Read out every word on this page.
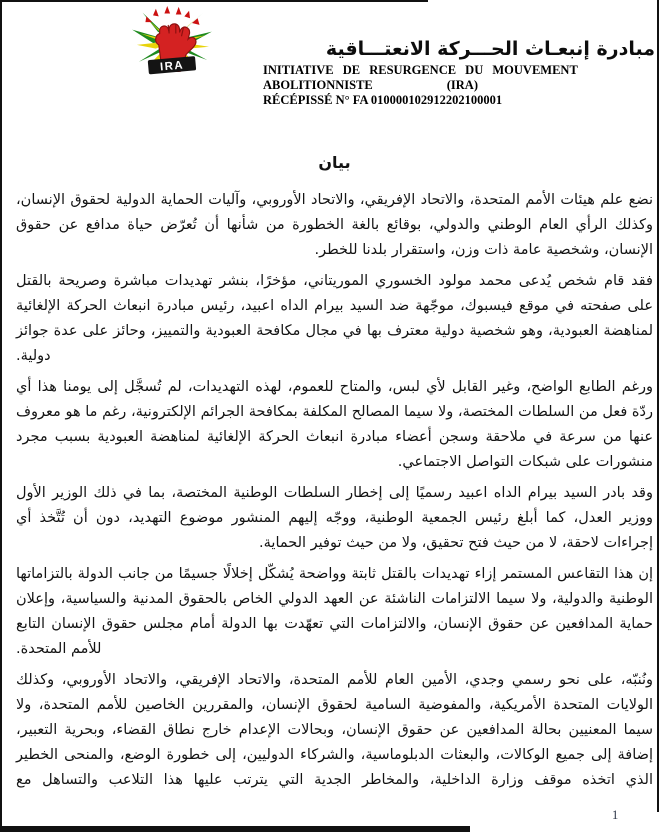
IRA
مبادرة إنبعـاث الحـــركة الانعتـــاقية
INITIATIVE DE RESURGENCE DU MOUVEMENT
ABOLITIONNISTE	(IRA)
RÉCÉPISSÉ N° FA 010000102912202100001
بيان

نضع علم هيئات الأمم المتحدة، والاتحاد الإفريقي، والاتحاد الأوروبي، وآليات الحماية الدولية لحقوق الإنسان، وكذلك الرأي العام الوطني والدولي، بوقائع بالغة الخطورة من شأنها أن تُعرّض حياة مدافع عن حقوق الإنسان، وشخصية عامة ذات وزن، واستقرار بلدنا للخطر.

فقد قام شخص يُدعى محمد مولود الخسوري الموريتاني، مؤخرًا، بنشر تهديدات مباشرة وصريحة بالقتل على صفحته في موقع فيسبوك، موجّهة ضد السيد بيرام الداه اعبيد، رئيس مبادرة انبعاث الحركة الإلغائية لمناهضة العبودية، وهو شخصية دولية معترف بها في مجال مكافحة العبودية والتمييز، وحائز على عدة جوائز دولية.

ورغم الطابع الواضح، وغير القابل لأي لبس، والمتاح للعموم، لهذه التهديدات، لم تُسجَّل إلى يومنا هذا أي ردّة فعل من السلطات المختصة، ولا سيما المصالح المكلفة بمكافحة الجرائم الإلكترونية، رغم ما هو معروف عنها من سرعة في ملاحقة وسجن أعضاء مبادرة انبعاث الحركة الإلغائية لمناهضة العبودية بسبب مجرد منشورات على شبكات التواصل الاجتماعي.

وقد بادر السيد بيرام الداه اعبيد رسميًا إلى إخطار السلطات الوطنية المختصة، بما في ذلك الوزير الأول ووزير العدل، كما أبلغ رئيس الجمعية الوطنية، ووجّه إليهم المنشور موضوع التهديد، دون أن تُتَّخذ أي إجراءات لاحقة، لا من حيث فتح تحقيق، ولا من حيث توفير الحماية.

إن هذا التقاعس المستمر إزاء تهديدات بالقتل ثابتة وواضحة يُشكّل إخلالًا جسيمًا من جانب الدولة بالتزاماتها الوطنية والدولية، ولا سيما الالتزامات الناشئة عن العهد الدولي الخاص بالحقوق المدنية والسياسية، وإعلان حماية المدافعين عن حقوق الإنسان، والالتزامات التي تعهّدت بها الدولة أمام مجلس حقوق الإنسان التابع للأمم المتحدة.

ونُنبّه، على نحو رسمي وجدي، الأمين العام للأمم المتحدة، والاتحاد الإفريقي، والاتحاد الأوروبي، وكذلك الولايات المتحدة الأمريكية، والمفوضية السامية لحقوق الإنسان، والمقررين الخاصين للأمم المتحدة، ولا سيما المعنيين بحالة المدافعين عن حقوق الإنسان، وبحالات الإعدام خارج نطاق القضاء، وبحرية التعبير، إضافة إلى جميع الوكالات، والبعثات الدبلوماسية، والشركاء الدوليين، إلى خطورة الوضع، والمنحى الخطير الذي اتخذه موقف وزارة الداخلية، والمخاطر الجدية التي يترتب عليها هذا التلاعب والتساهل مع

1
